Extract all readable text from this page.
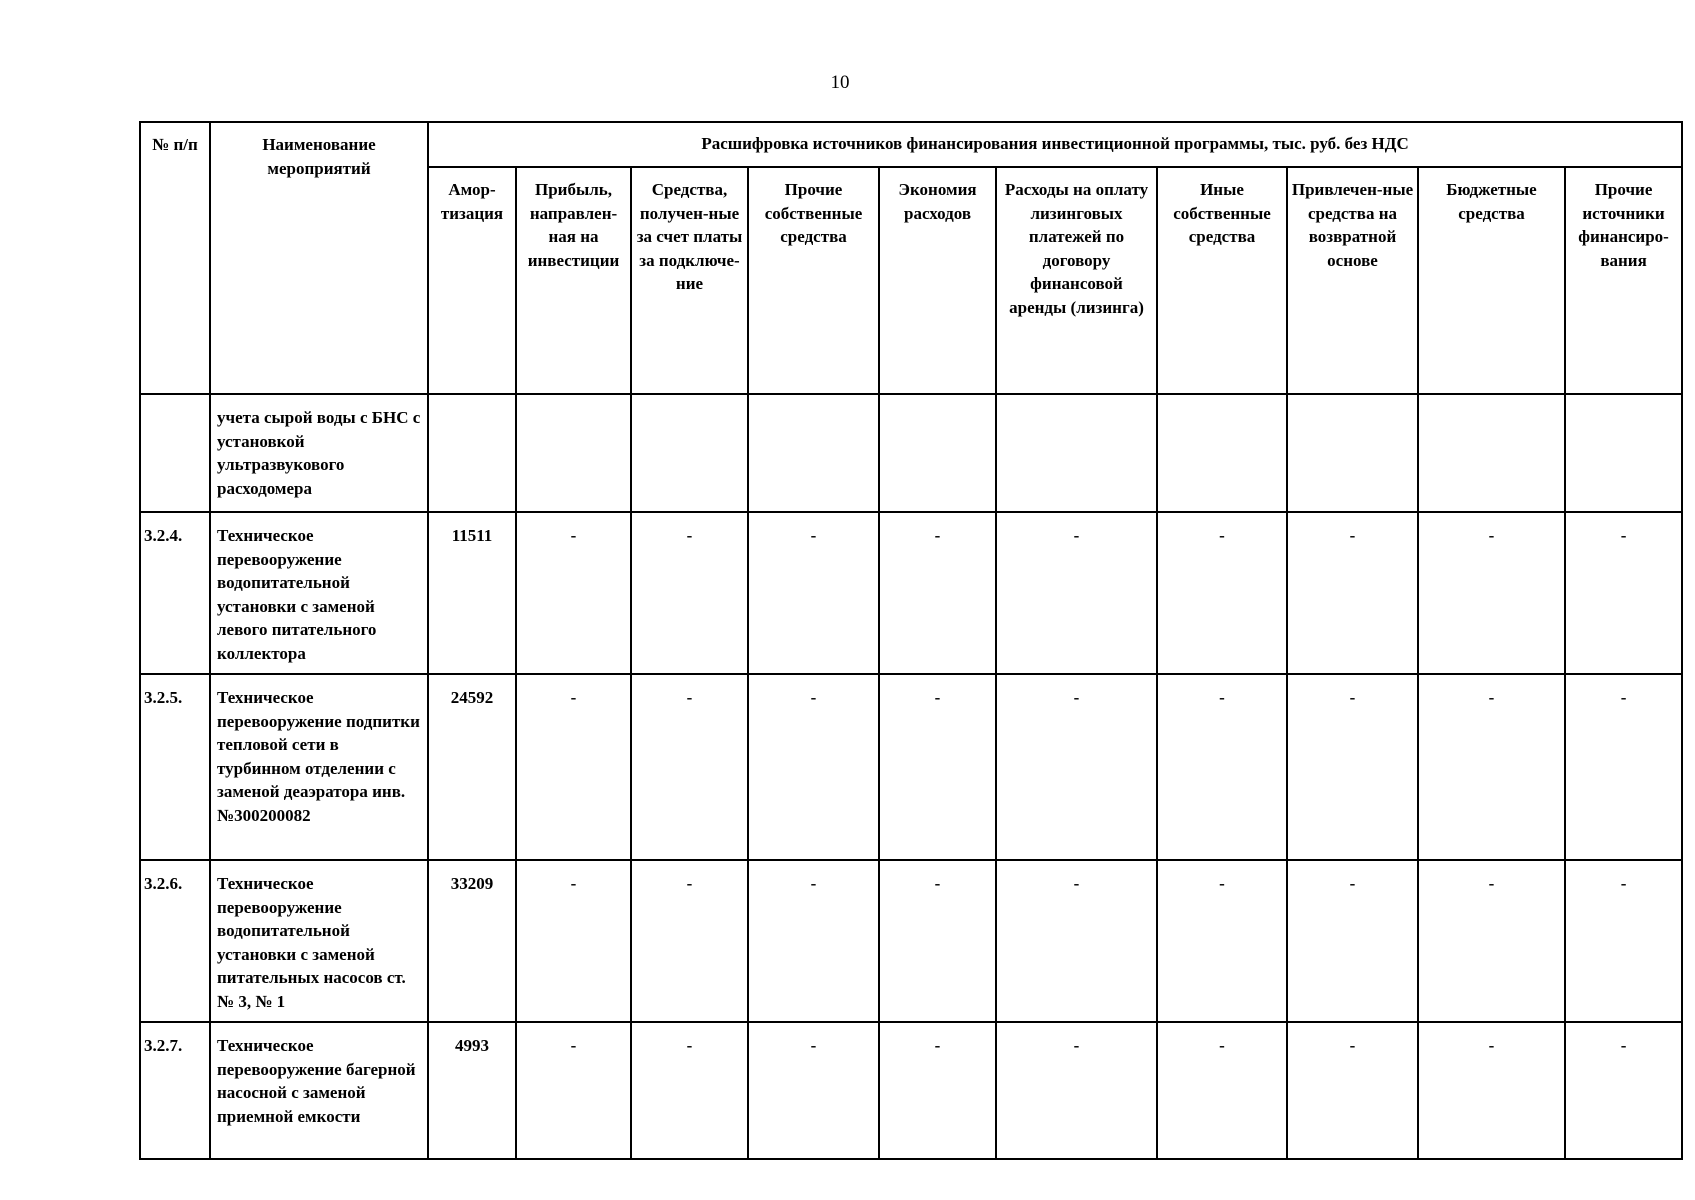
10
№ п/п	Наименование мероприятий	Расшифровка источников финансирования инвестиционной программы, тыс. руб. без НДС									
		Амор-тизация	Прибыль, направлен-ная на инвестиции	Средства, получен-ные за счет платы за подключе-ние	Прочие собственные средства	Экономия расходов	Расходы на оплату лизинговых платежей по договору финансовой аренды (лизинга)	Иные собственные средства	Привлечен-ные средства на возвратной основе	Бюджетные средства	Прочие источники финансиро-вания
	учета сырой воды с БНС с установкой ультразвукового расходомера										
3.2.4.	Техническое перевооружение водопитательной установки с заменой левого питательного коллектора	11511	-	-	-	-	-	-	-	-	-
3.2.5.	Техническое перевооружение подпитки тепловой сети в турбинном отделении с заменой деаэратора инв.№300200082	24592	-	-	-	-	-	-	-	-	-
3.2.6.	Техническое перевооружение водопитательной установки с заменой питательных насосов ст. № 3, № 1	33209	-	-	-	-	-	-	-	-	-
3.2.7.	Техническое перевооружение багерной насосной с заменой приемной емкости	4993	-	-	-	-	-	-	-	-	-
